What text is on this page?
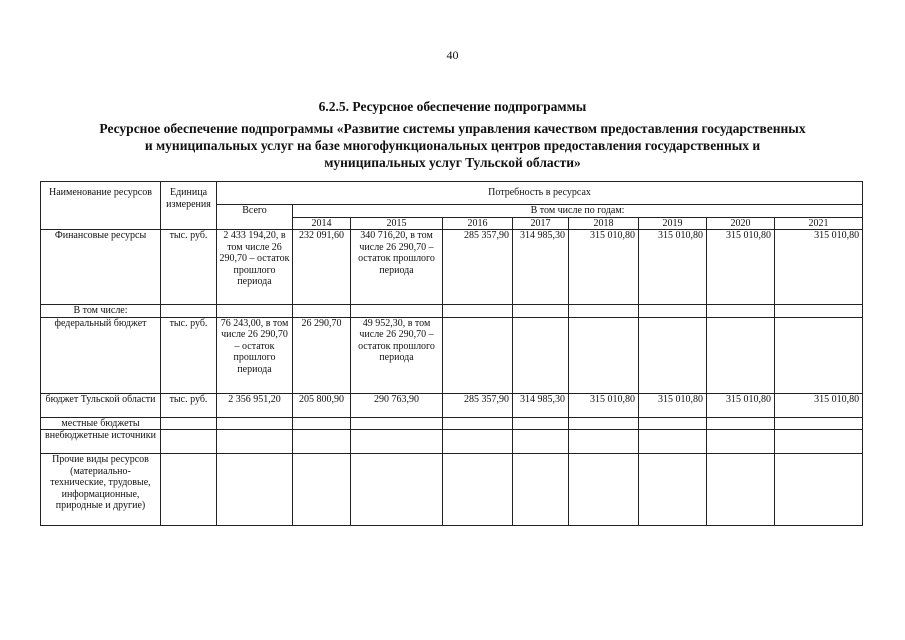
40
6.2.5. Ресурсное обеспечение подпрограммы
Ресурсное обеспечение подпрограммы «Развитие системы управления качеством предоставления государственных
и муниципальных услуг на базе многофункциональных центров предоставления государственных и
муниципальных услуг Тульской области»
Наименование ресурсов	Единица измерения	Потребность в ресурсах								
		Всего	В том числе по годам:							
			2014	2015	2016	2017	2018	2019	2020	2021
Финансовые ресурсы	тыс. руб.	2 433 194,20, в том числе 26 290,70 – остаток прошлого периода	232 091,60	340 716,20, в том числе 26 290,70 – остаток прошлого периода	285 357,90	314 985,30	315 010,80	315 010,80	315 010,80	315 010,80
В том числе:										
федеральный бюджет	тыс. руб.	76 243,00, в том числе 26 290,70 – остаток прошлого периода	26 290,70	49 952,30, в том числе 26 290,70 – остаток прошлого периода						
бюджет Тульской области	тыс. руб.	2 356 951,20	205 800,90	290 763,90	285 357,90	314 985,30	315 010,80	315 010,80	315 010,80	315 010,80
местные бюджеты										
внебюджетные источники										
Прочие виды ресурсов (материально-технические, трудовые, информационные, природные и другие)										
